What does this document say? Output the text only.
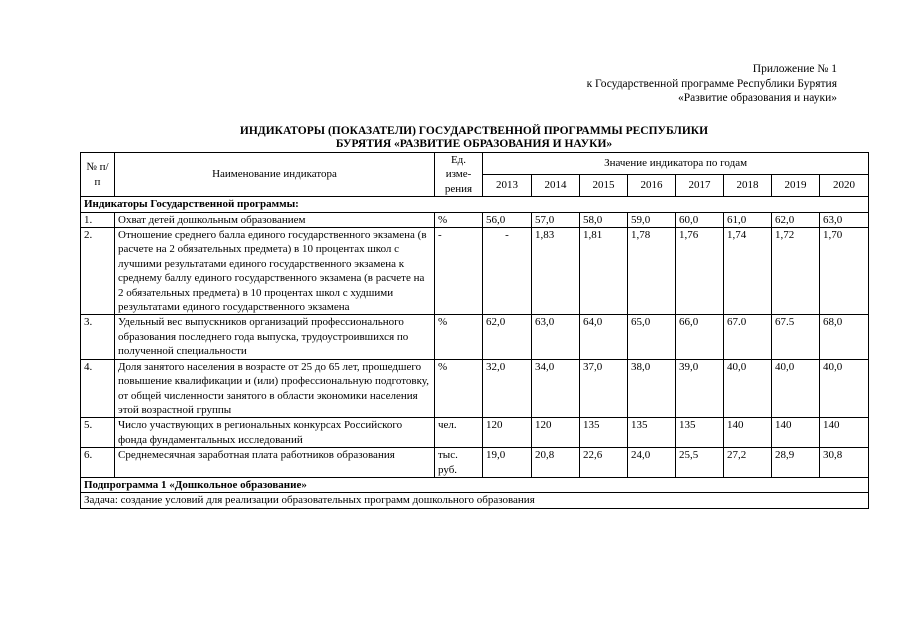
Приложение № 1
к Государственной программе Республики Бурятия
«Развитие образования и науки»
ИНДИКАТОРЫ (ПОКАЗАТЕЛИ) ГОСУДАРСТВЕННОЙ ПРОГРАММЫ РЕСПУБЛИКИ
БУРЯТИЯ «РАЗВИТИЕ ОБРАЗОВАНИЯ И НАУКИ»
№ п/п	Наименование индикатора	Ед. изме-рения	Значение индикатора по годам							
			2013	2014	2015	2016	2017	2018	2019	2020
Индикаторы Государственной программы:										
1.	Охват детей дошкольным образованием	%	56,0	57,0	58,0	59,0	60,0	61,0	62,0	63,0
2.	Отношение среднего балла единого государственного экзамена (в расчете на 2 обязательных предмета) в 10 процентах школ с лучшими результатами единого государственного экзамена к среднему баллу единого государственного экзамена (в расчете на 2 обязательных предмета) в 10 процентах школ с худшими результатами единого государственного экзамена	-	-	1,83	1,81	1,78	1,76	1,74	1,72	1,70
3.	Удельный вес выпускников организаций профессионального образования последнего года выпуска, трудоустроившихся по полученной специальности	%	62,0	63,0	64,0	65,0	66,0	67.0	67.5	68,0
4.	Доля занятого населения в возрасте от 25 до 65 лет, прошедшего повышение квалификации и (или) профессиональную подготовку, от общей численности занятого в области экономики населения этой возрастной группы	%	32,0	34,0	37,0	38,0	39,0	40,0	40,0	40,0
5.	Число участвующих в региональных конкурсах Российского фонда фундаментальных исследований	чел.	120	120	135	135	135	140	140	140
6.	Среднемесячная заработная плата работников образования	тыс. руб.	19,0	20,8	22,6	24,0	25,5	27,2	28,9	30,8
Подпрограмма 1 «Дошкольное образование»										
Задача: создание условий для реализации образовательных программ дошкольного образования										
